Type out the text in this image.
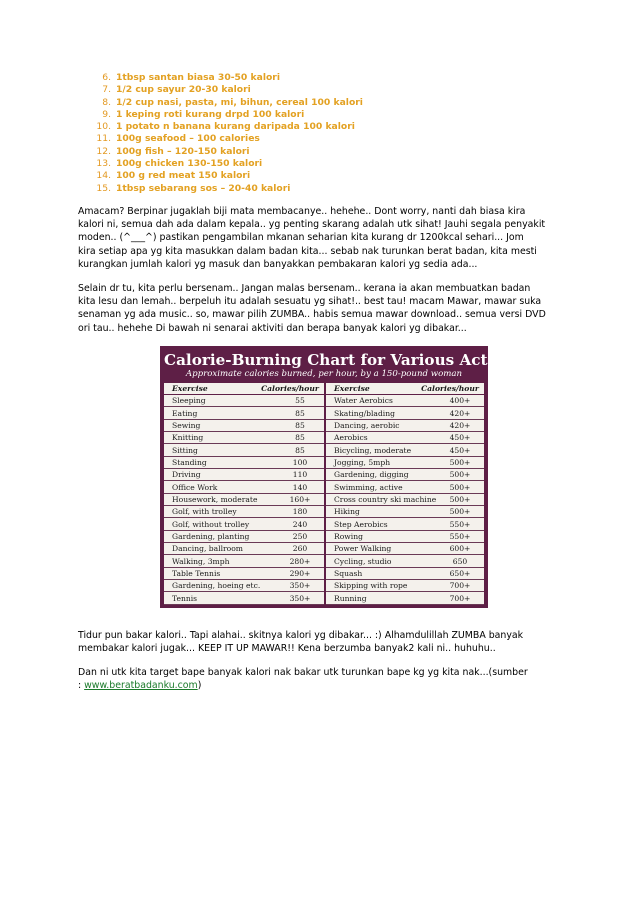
6. 1tbsp santan biasa 30-50 kalori
7. 1/2 cup sayur 20-30 kalori
8. 1/2 cup nasi, pasta, mi, bihun, cereal 100 kalori
9. 1 keping roti kurang drpd 100 kalori
10. 1 potato n banana kurang daripada 100 kalori
11. 100g seafood – 100 calories
12. 100g fish – 120-150 kalori
13. 100g chicken 130-150 kalori
14. 100 g red meat 150 kalori
15. 1tbsp sebarang sos – 20-40 kalori

Amacam? Berpinar jugaklah biji mata membacanye.. hehehe.. Dont worry, nanti dah biasa kira
kalori ni, semua dah ada dalam kepala.. yg penting skarang adalah utk sihat! Jauhi segala penyakit
moden.. (^___^) pastikan pengambilan mkanan seharian kita kurang dr 1200kcal sehari... Jom
kira setiap apa yg kita masukkan dalam badan kita... sebab nak turunkan berat badan, kita mesti
kurangkan jumlah kalori yg masuk dan banyakkan pembakaran kalori yg sedia ada...

Selain dr tu, kita perlu bersenam.. Jangan malas bersenam.. kerana ia akan membuatkan badan
kita lesu dan lemah.. berpeluh itu adalah sesuatu yg sihat!.. best tau! macam Mawar, mawar suka
senaman yg ada music.. so, mawar pilih ZUMBA.. habis semua mawar download.. semua versi DVD
ori tau.. hehehe Di bawah ni senarai aktiviti dan berapa banyak kalori yg dibakar...

Calorie-Burning Chart for Various Activities
Approximate calories burned, per hour, by a 150-pound woman
Exercise	Calories/hour
Sleeping	55
Eating	85
Sewing	85
Knitting	85
Sitting	85
Standing	100
Driving	110
Office Work	140
Housework, moderate	160+
Golf, with trolley	180
Golf, without trolley	240
Gardening, planting	250
Dancing, ballroom	260
Walking, 3mph	280+
Table Tennis	290+
Gardening, hoeing etc.	350+
Tennis	350+
Exercise	Calories/hour
Water Aerobics	400+
Skating/blading	420+
Dancing, aerobic	420+
Aerobics	450+
Bicycling, moderate	450+
Jogging, 5mph	500+
Gardening, digging	500+
Swimming, active	500+
Cross country ski machine	500+
Hiking	500+
Step Aerobics	550+
Rowing	550+
Power Walking	600+
Cycling, studio	650
Squash	650+
Skipping with rope	700+
Running	700+

Tidur pun bakar kalori.. Tapi alahai.. skitnya kalori yg dibakar... :) Alhamdulillah ZUMBA banyak
membakar kalori jugak... KEEP IT UP MAWAR!! Kena berzumba banyak2 kali ni.. huhuhu..

Dan ni utk kita target bape banyak kalori nak bakar utk turunkan bape kg yg kita nak...(sumber
: www.beratbadanku.com)
